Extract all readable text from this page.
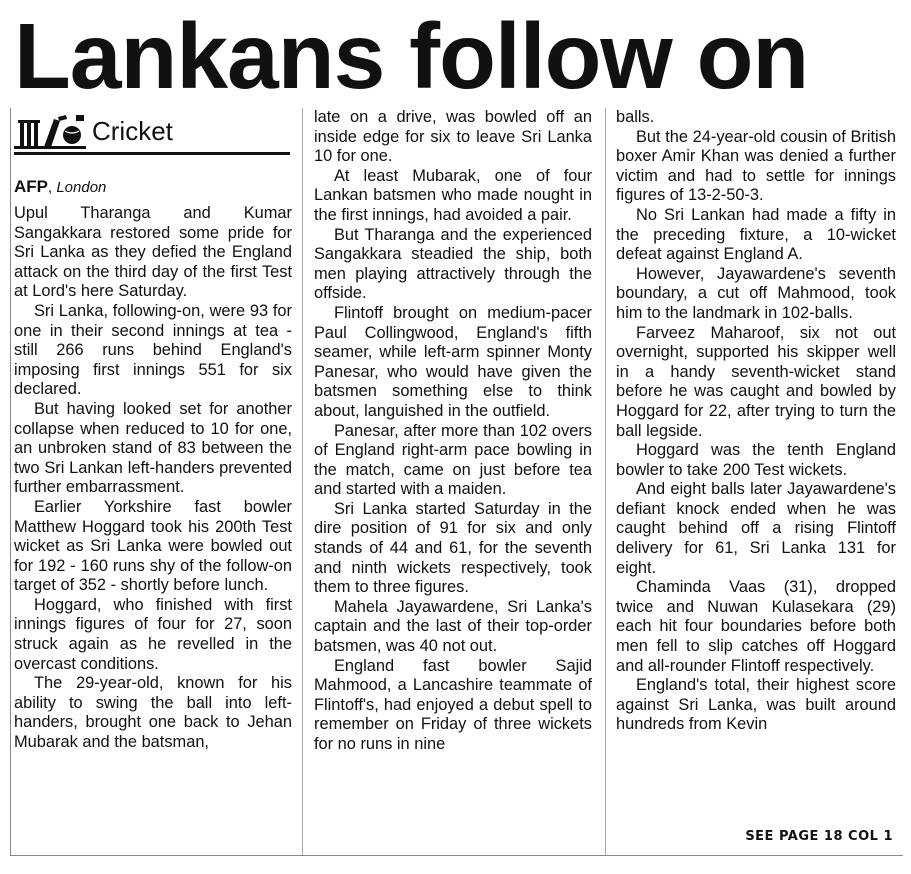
Lankans follow on
Cricket
AFP, London

Upul Tharanga and Kumar Sangakkara restored some pride for Sri Lanka as they defied the England attack on the third day of the first Test at Lord's here Saturday.

Sri Lanka, following-on, were 93 for one in their second innings at tea - still 266 runs behind England's imposing first innings 551 for six declared.

But having looked set for another collapse when reduced to 10 for one, an unbroken stand of 83 between the two Sri Lankan left-handers prevented further embarrassment.

Earlier Yorkshire fast bowler Matthew Hoggard took his 200th Test wicket as Sri Lanka were bowled out for 192 - 160 runs shy of the follow-on target of 352 - shortly before lunch.

Hoggard, who finished with first innings figures of four for 27, soon struck again as he revelled in the overcast conditions.

The 29-year-old, known for his ability to swing the ball into left-handers, brought one back to Jehan Mubarak and the batsman,

late on a drive, was bowled off an inside edge for six to leave Sri Lanka 10 for one.

At least Mubarak, one of four Lankan batsmen who made nought in the first innings, had avoided a pair.

But Tharanga and the experienced Sangakkara steadied the ship, both men playing attractively through the offside.

Flintoff brought on medium-pacer Paul Collingwood, England's fifth seamer, while left-arm spinner Monty Panesar, who would have given the batsmen something else to think about, languished in the outfield.

Panesar, after more than 102 overs of England right-arm pace bowling in the match, came on just before tea and started with a maiden.

Sri Lanka started Saturday in the dire position of 91 for six and only stands of 44 and 61, for the seventh and ninth wickets respectively, took them to three figures.

Mahela Jayawardene, Sri Lanka's captain and the last of their top-order batsmen, was 40 not out.

England fast bowler Sajid Mahmood, a Lancashire teammate of Flintoff's, had enjoyed a debut spell to remember on Friday of three wickets for no runs in nine

balls.

But the 24-year-old cousin of British boxer Amir Khan was denied a further victim and had to settle for innings figures of 13-2-50-3.

No Sri Lankan had made a fifty in the preceding fixture, a 10-wicket defeat against England A.

However, Jayawardene's seventh boundary, a cut off Mahmood, took him to the landmark in 102-balls.

Farveez Maharoof, six not out overnight, supported his skipper well in a handy seventh-wicket stand before he was caught and bowled by Hoggard for 22, after trying to turn the ball legside.

Hoggard was the tenth England bowler to take 200 Test wickets.

And eight balls later Jayawardene's defiant knock ended when he was caught behind off a rising Flintoff delivery for 61, Sri Lanka 131 for eight.

Chaminda Vaas (31), dropped twice and Nuwan Kulasekara (29) each hit four boundaries before both men fell to slip catches off Hoggard and all-rounder Flintoff respectively.

England's total, their highest score against Sri Lanka, was built around hundreds from Kevin

SEE PAGE 18 COL 1
